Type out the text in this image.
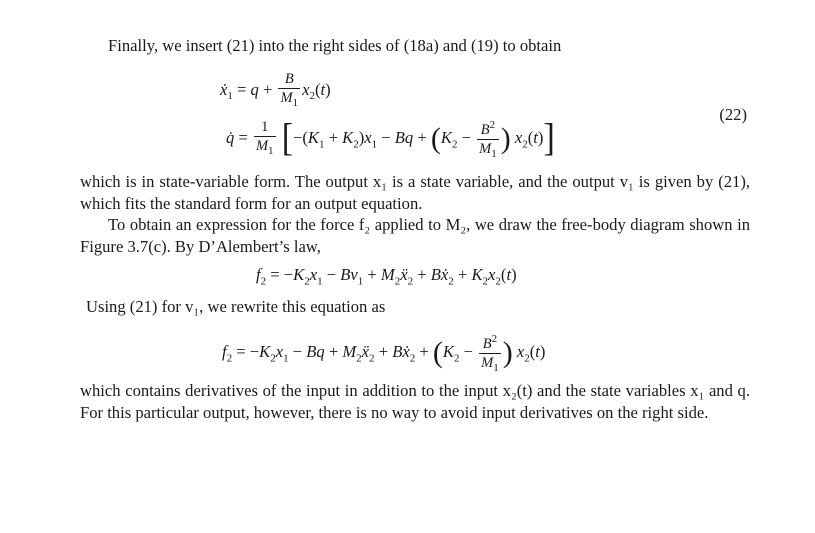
Finally, we insert (21) into the right sides of (18a) and (19) to obtain

ẋ$_1$ = $q + \frac{B}{M_1} x_2(t)$
q̇ = $\frac{1}{M_1} [-(K_1 + K_2)x_1 - Bq + (K_2 - \frac{B^2}{M_1}$ ) $x_2(t)$]
(22)

which is in state-variable form. The output x₁ is a state variable, and the output v₁ is given by (21), which fits the standard form for an output equation.

To obtain an expression for the force f₂ applied to M₂, we draw the free-body diagram shown in Figure 3.7(c). By D’Alembert’s law,

$f_2 = -K_2x_1 - Bv_1$ + $M_2ẍ_2$ + Bẋ$_2$ + $K_2x_2(t)$

Using (21) for v₁, we rewrite this equation as

$f_2 = -K_2x_1 - Bq$ + $M_2ẍ_2$ + Bẋ$_2$ + ($K_2 - \frac{B^2}{M_1}$ ) $x_2(t)$

which contains derivatives of the input in addition to the input x₂(t) and the state variables x₁ and q. For this particular output, however, there is no way to avoid input derivatives on the right side.
